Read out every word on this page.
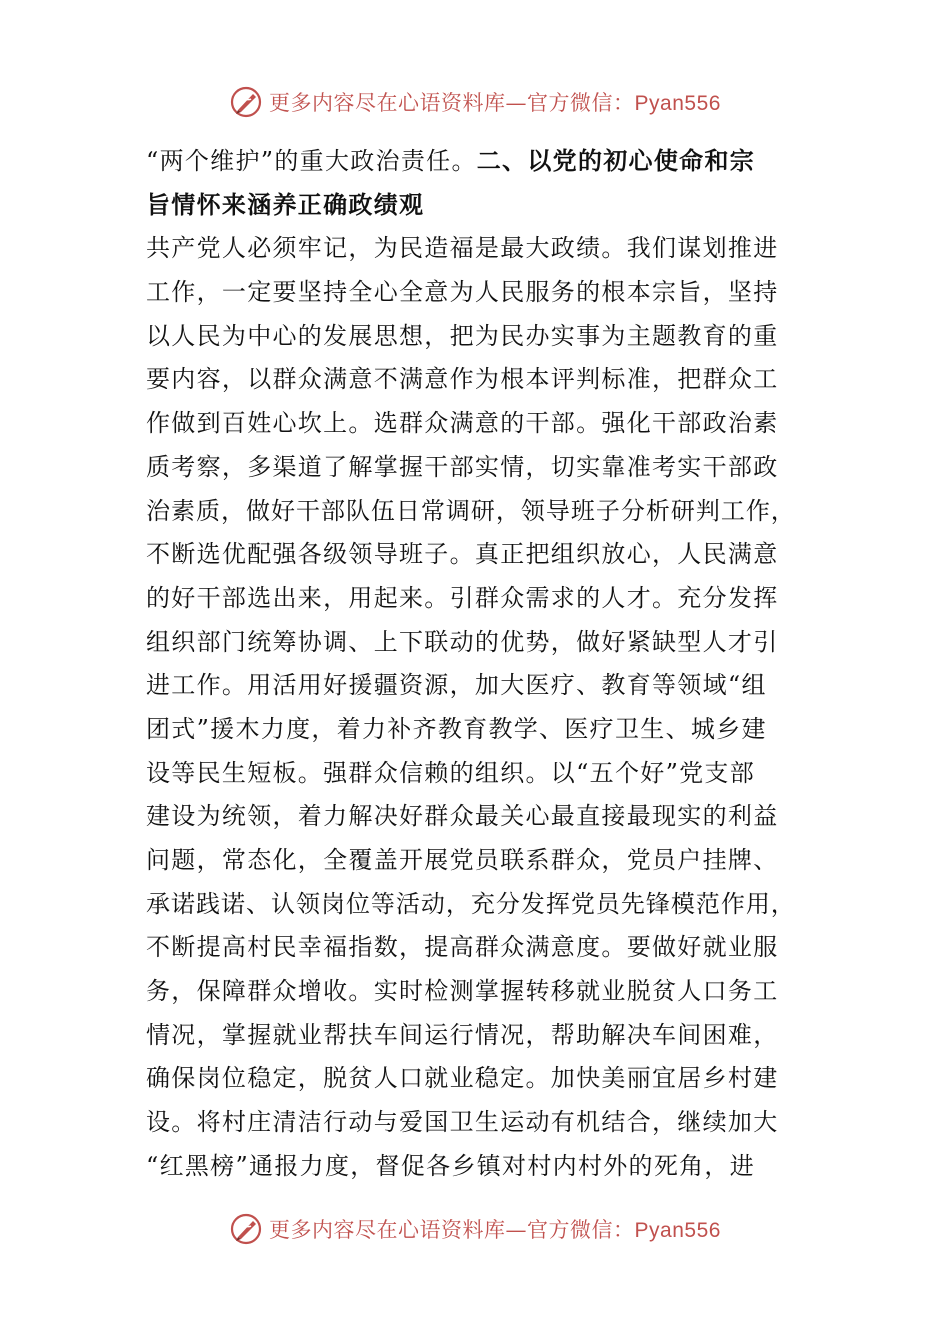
更多内容尽在心语资料库—官方微信：Pyan556
“两个维护”的重大政治责任。二、以党的初心使命和宗
旨情怀来涵养正确政绩观
共产党人必须牢记，为民造福是最大政绩。我们谋划推进
工作，一定要坚持全心全意为人民服务的根本宗旨，坚持
以人民为中心的发展思想，把为民办实事为主题教育的重
要内容，以群众满意不满意作为根本评判标准，把群众工
作做到百姓心坎上。选群众满意的干部。强化干部政治素
质考察，多渠道了解掌握干部实情，切实靠准考实干部政
治素质，做好干部队伍日常调研，领导班子分析研判工作，
不断选优配强各级领导班子。真正把组织放心，人民满意
的好干部选出来，用起来。引群众需求的人才。充分发挥
组织部门统筹协调、上下联动的优势，做好紧缺型人才引
进工作。用活用好援疆资源，加大医疗、教育等领域“组
团式”援木力度，着力补齐教育教学、医疗卫生、城乡建
设等民生短板。强群众信赖的组织。以“五个好”党支部
建设为统领，着力解决好群众最关心最直接最现实的利益
问题，常态化，全覆盖开展党员联系群众，党员户挂牌、
承诺践诺、认领岗位等活动，充分发挥党员先锋模范作用，
不断提高村民幸福指数，提高群众满意度。要做好就业服
务，保障群众增收。实时检测掌握转移就业脱贫人口务工
情况，掌握就业帮扶车间运行情况，帮助解决车间困难，
确保岗位稳定，脱贫人口就业稳定。加快美丽宜居乡村建
设。将村庄清洁行动与爱国卫生运动有机结合，继续加大
“红黑榜”通报力度，督促各乡镇对村内村外的死角，进
更多内容尽在心语资料库—官方微信：Pyan556
